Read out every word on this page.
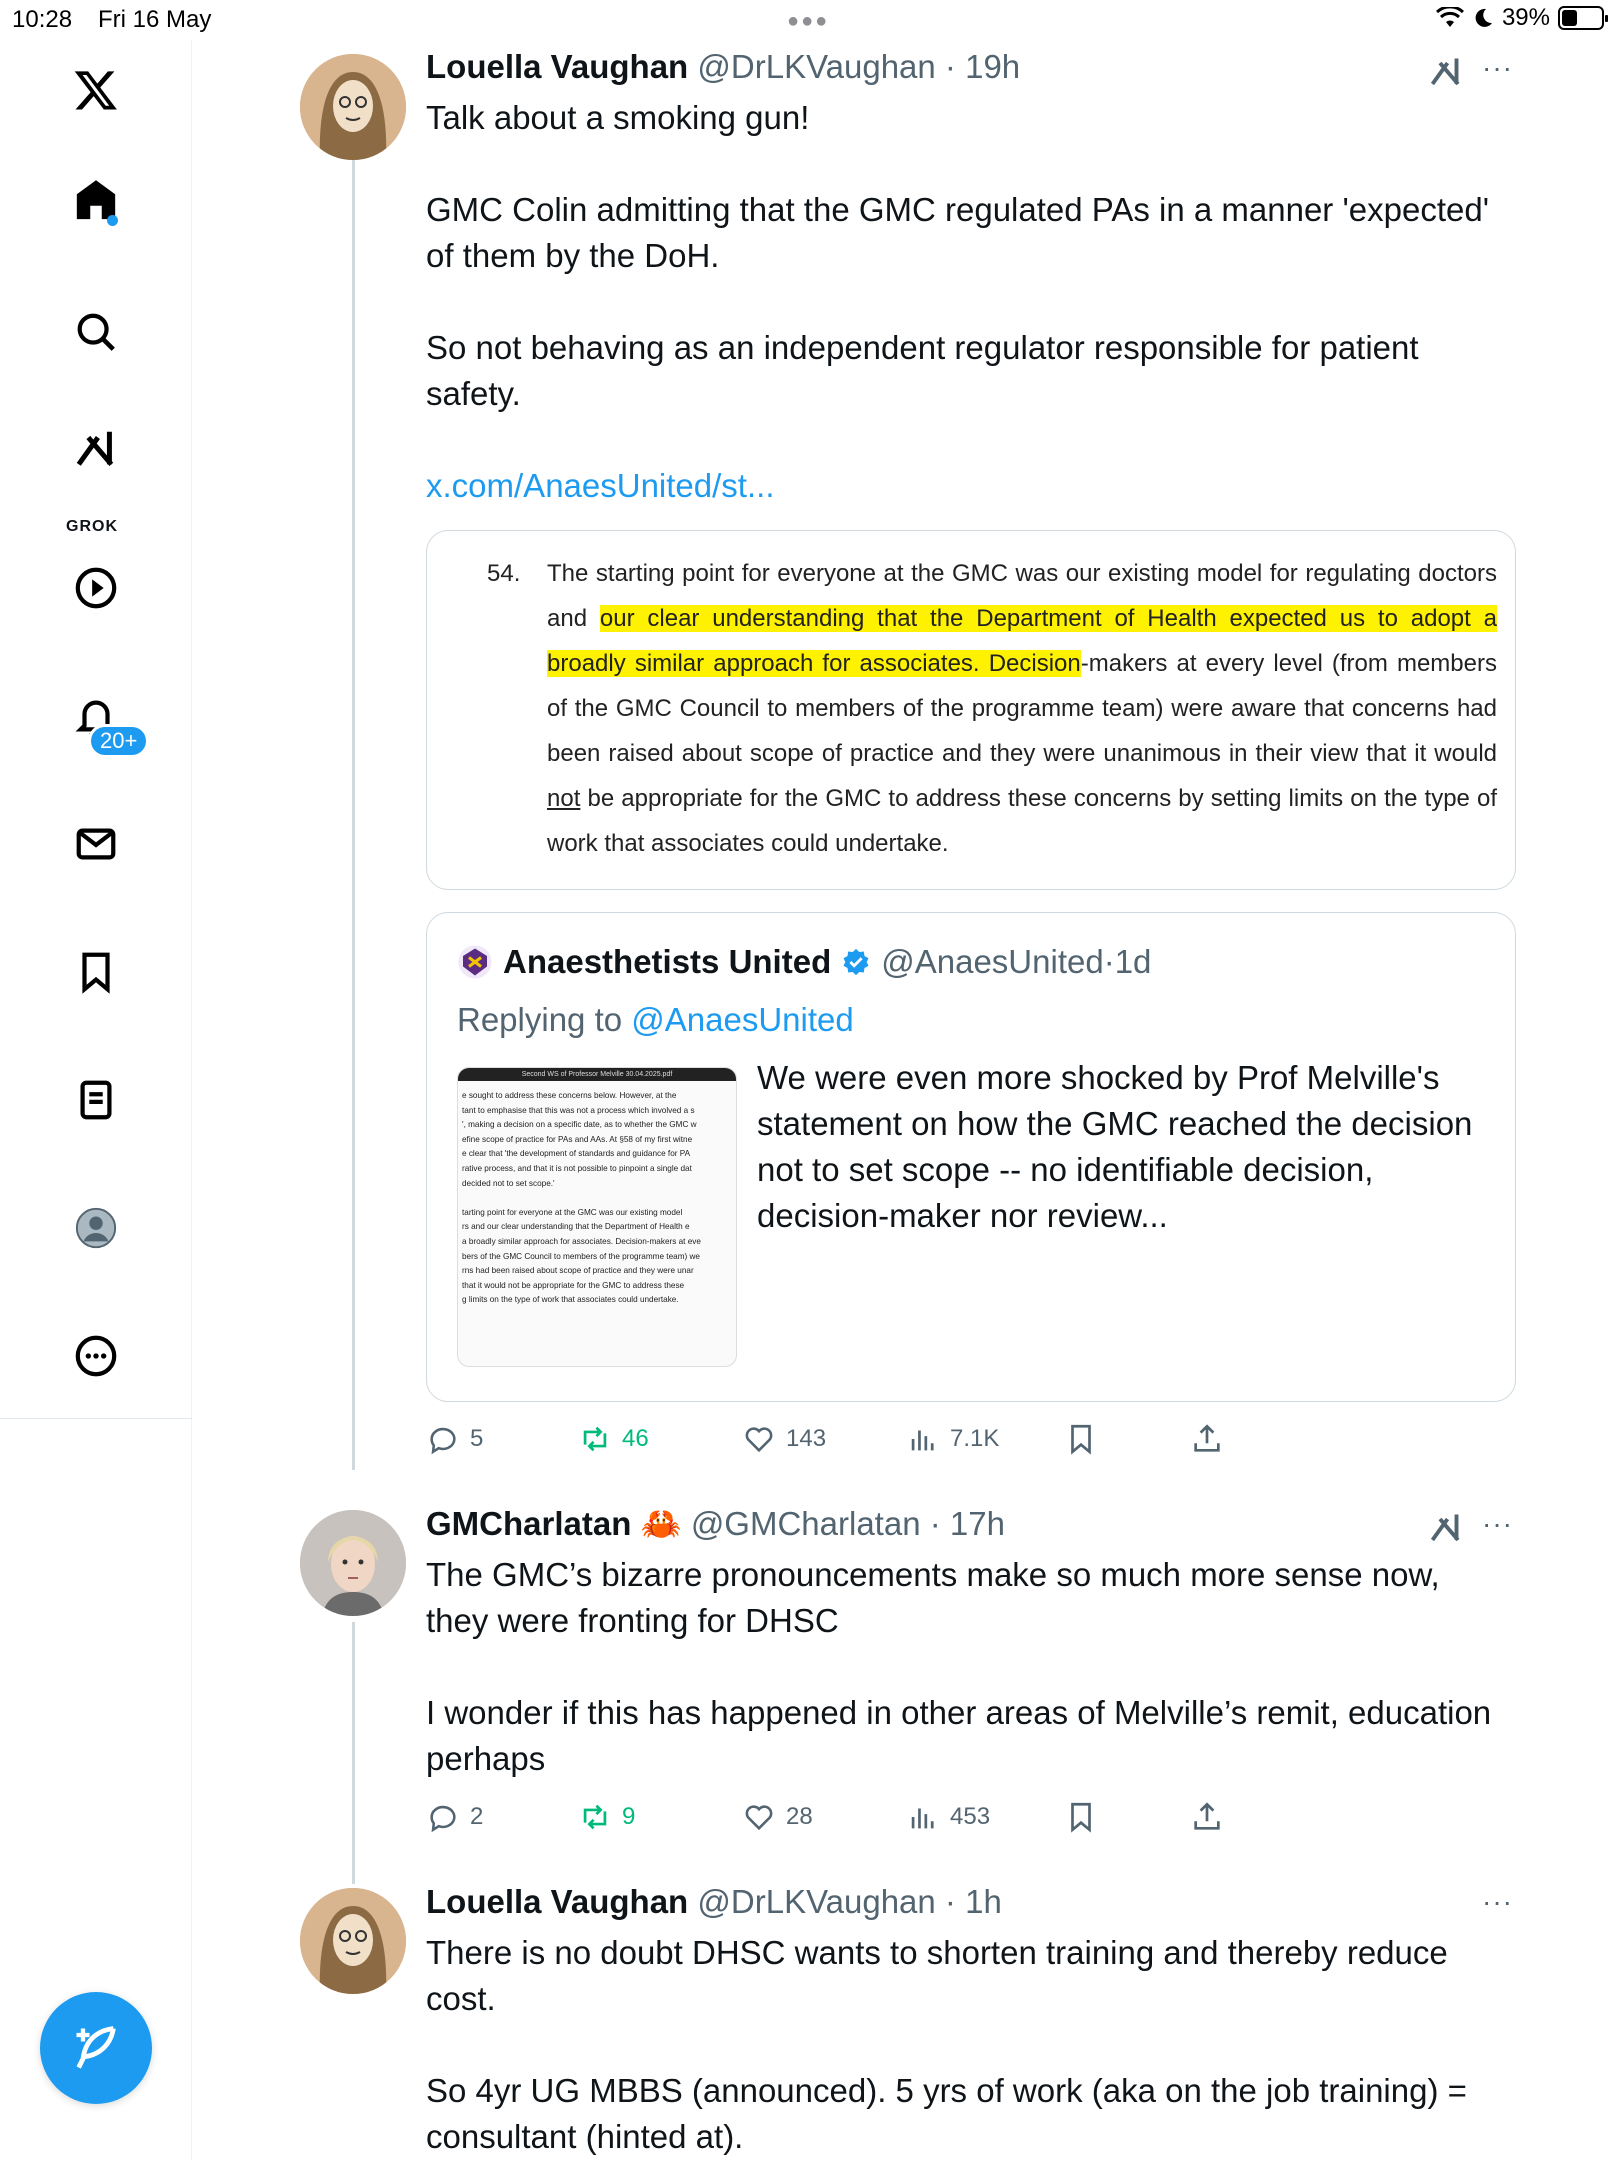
10:28 Fri 16 May	●●●	39%
GROK
20+
Louella Vaughan @DrLKVaughan · 19h	···

Talk about a smoking gun!

GMC Colin admitting that the GMC regulated PAs in a manner 'expected' of them by the DoH.

So not behaving as an independent regulator responsible for patient safety.

x.com/AnaesUnited/st...

54.	The starting point for everyone at the GMC was our existing model for regulating doctors and our clear understanding that the Department of Health expected us to adopt a broadly similar approach for associates. Decision-makers at every level (from members of the GMC Council to members of the programme team) were aware that concerns had been raised about scope of practice and they were unanimous in their view that it would not be appropriate for the GMC to address these concerns by setting limits on the type of work that associates could undertake.
Anaesthetists United @AnaesUnited · 1d
Replying to @AnaesUnited
Second WS of Professor Melville 30.04.2025.pdf
e sought to address these concerns below. However, at the
tant to emphasise that this was not a process which involved a s
', making a decision on a specific date, as to whether the GMC w
efine scope of practice for PAs and AAs. At §58 of my first witne
e clear that 'the development of standards and guidance for PA
rative process, and that it is not possible to pinpoint a single dat
decided not to set scope.'

tarting point for everyone at the GMC was our existing model
rs and our clear understanding that the Department of Health e
a broadly similar approach for associates. Decision-makers at eve
bers of the GMC Council to members of the programme team) we
rns had been raised about scope of practice and they were unar
that it would not be appropriate for the GMC to address these
g limits on the type of work that associates could undertake.
We were even more shocked by Prof Melville's statement on how the GMC reached the decision not to set scope -- no identifiable decision, decision-maker nor review...
5	46	143	7.1K
GMCharlatan 🦀 @GMCharlatan · 17h	···

The GMC’s bizarre pronouncements make so much more sense now, they were fronting for DHSC

I wonder if this has happened in other areas of Melville’s remit, education perhaps

2	9	28	453
Louella Vaughan @DrLKVaughan · 1h	···

There is no doubt DHSC wants to shorten training and thereby reduce cost.

So 4yr UG MBBS (announced). 5 yrs of work (aka on the job training) = consultant (hinted at).
